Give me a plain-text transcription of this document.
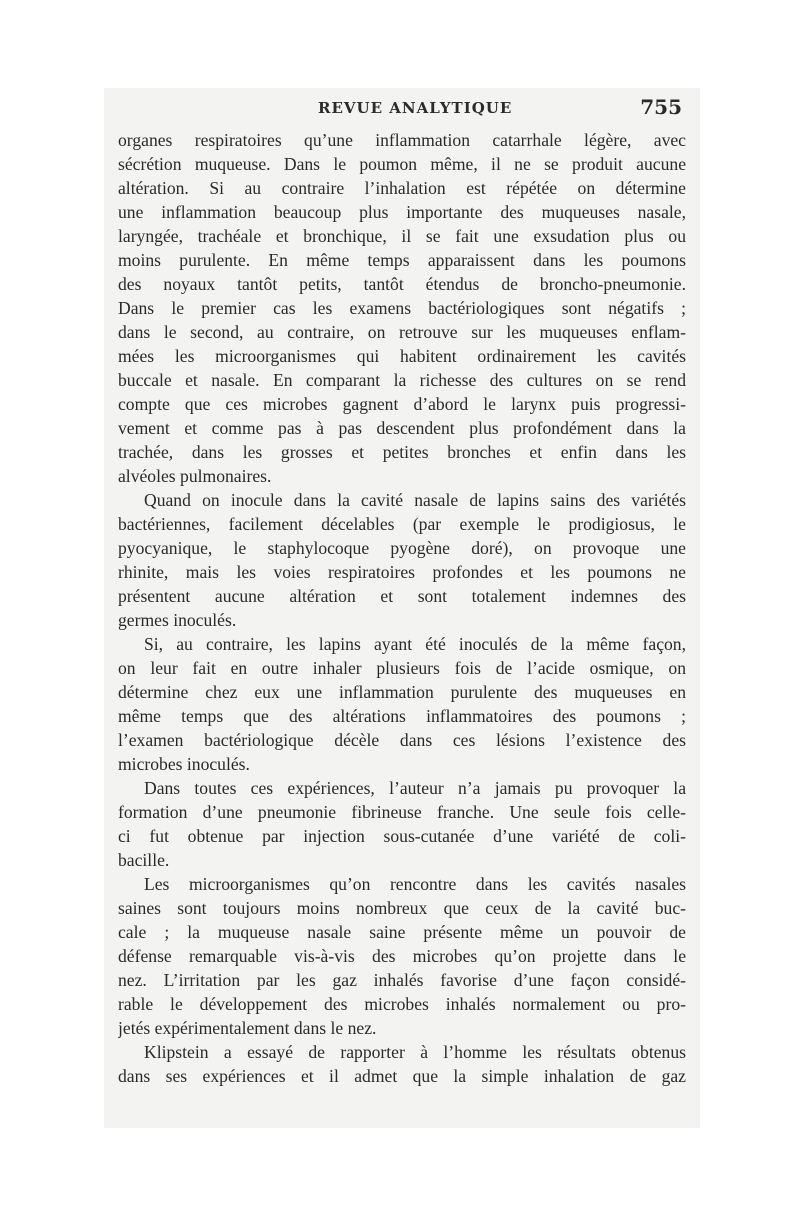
REVUE ANALYTIQUE	755
organes respiratoires qu’une inflammation catarrhale légère, avec
sécrétion muqueuse. Dans le poumon même, il ne se produit aucune
altération. Si au contraire l’inhalation est répétée on détermine
une inflammation beaucoup plus importante des muqueuses nasale,
laryngée, trachéale et bronchique, il se fait une exsudation plus ou
moins purulente. En même temps apparaissent dans les poumons
des noyaux tantôt petits, tantôt étendus de broncho-pneumonie.
Dans le premier cas les examens bactériologiques sont négatifs ;
dans le second, au contraire, on retrouve sur les muqueuses enflam-
mées les microorganismes qui habitent ordinairement les cavités
buccale et nasale. En comparant la richesse des cultures on se rend
compte que ces microbes gagnent d’abord le larynx puis progressi-
vement et comme pas à pas descendent plus profondément dans la
trachée, dans les grosses et petites bronches et enfin dans les
alvéoles pulmonaires.
Quand on inocule dans la cavité nasale de lapins sains des variétés
bactériennes, facilement décelables (par exemple le prodigiosus, le
pyocyanique, le staphylocoque pyogène doré), on provoque une
rhinite, mais les voies respiratoires profondes et les poumons ne
présentent aucune altération et sont totalement indemnes des
germes inoculés.
Si, au contraire, les lapins ayant été inoculés de la même façon,
on leur fait en outre inhaler plusieurs fois de l’acide osmique, on
détermine chez eux une inflammation purulente des muqueuses en
même temps que des altérations inflammatoires des poumons ;
l’examen bactériologique décèle dans ces lésions l’existence des
microbes inoculés.
Dans toutes ces expériences, l’auteur n’a jamais pu provoquer la
formation d’une pneumonie fibrineuse franche. Une seule fois celle-
ci fut obtenue par injection sous-cutanée d’une variété de coli-
bacille.
Les microorganismes qu’on rencontre dans les cavités nasales
saines sont toujours moins nombreux que ceux de la cavité buc-
cale ; la muqueuse nasale saine présente même un pouvoir de
défense remarquable vis-à-vis des microbes qu’on projette dans le
nez. L’irritation par les gaz inhalés favorise d’une façon considé-
rable le développement des microbes inhalés normalement ou pro-
jetés expérimentalement dans le nez.
Klipstein a essayé de rapporter à l’homme les résultats obtenus
dans ses expériences et il admet que la simple inhalation de gaz
